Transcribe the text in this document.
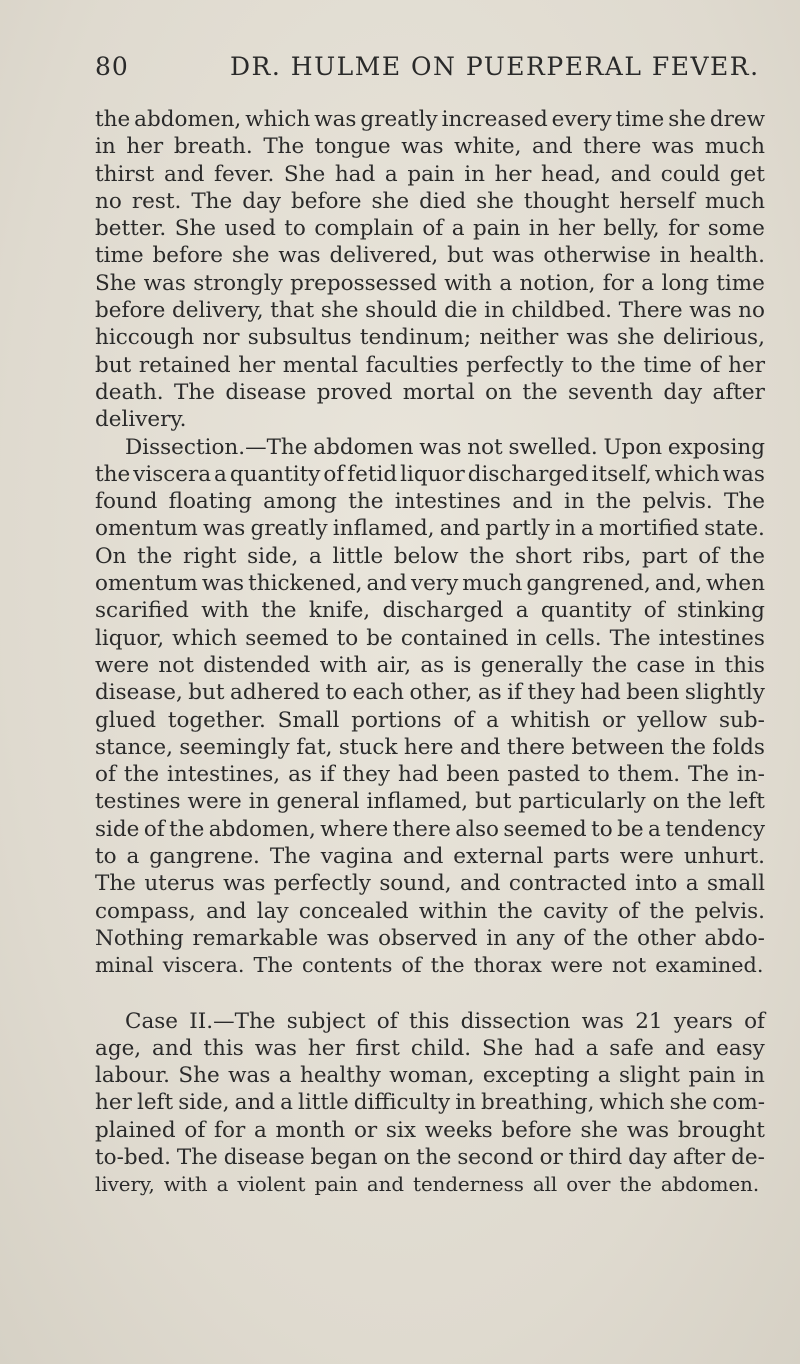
80	DR. HULME ON PUERPERAL FEVER.
the abdomen, which was greatly increased every time she drew
in her breath. The tongue was white, and there was much
thirst and fever. She had a pain in her head, and could get
no rest. The day before she died she thought herself much
better. She used to complain of a pain in her belly, for some
time before she was delivered, but was otherwise in health.
She was strongly prepossessed with a notion, for a long time
before delivery, that she should die in childbed. There was no
hiccough nor subsultus tendinum; neither was she delirious,
but retained her mental faculties perfectly to the time of her
death. The disease proved mortal on the seventh day after
delivery.
Dissection.—The abdomen was not swelled. Upon exposing
the viscera a quantity of fetid liquor discharged itself, which was
found floating among the intestines and in the pelvis. The
omentum was greatly inflamed, and partly in a mortified state.
On the right side, a little below the short ribs, part of the
omentum was thickened, and very much gangrened, and, when
scarified with the knife, discharged a quantity of stinking
liquor, which seemed to be contained in cells. The intestines
were not distended with air, as is generally the case in this
disease, but adhered to each other, as if they had been slightly
glued together. Small portions of a whitish or yellow sub-
stance, seemingly fat, stuck here and there between the folds
of the intestines, as if they had been pasted to them. The in-
testines were in general inflamed, but particularly on the left
side of the abdomen, where there also seemed to be a tendency
to a gangrene. The vagina and external parts were unhurt.
The uterus was perfectly sound, and contracted into a small
compass, and lay concealed within the cavity of the pelvis.
Nothing remarkable was observed in any of the other abdo-
minal viscera. The contents of the thorax were not examined.
Case II.—The subject of this dissection was 21 years of
age, and this was her first child. She had a safe and easy
labour. She was a healthy woman, excepting a slight pain in
her left side, and a little difficulty in breathing, which she com-
plained of for a month or six weeks before she was brought
to-bed. The disease began on the second or third day after de-
livery, with a violent pain and tenderness all over the abdomen.
